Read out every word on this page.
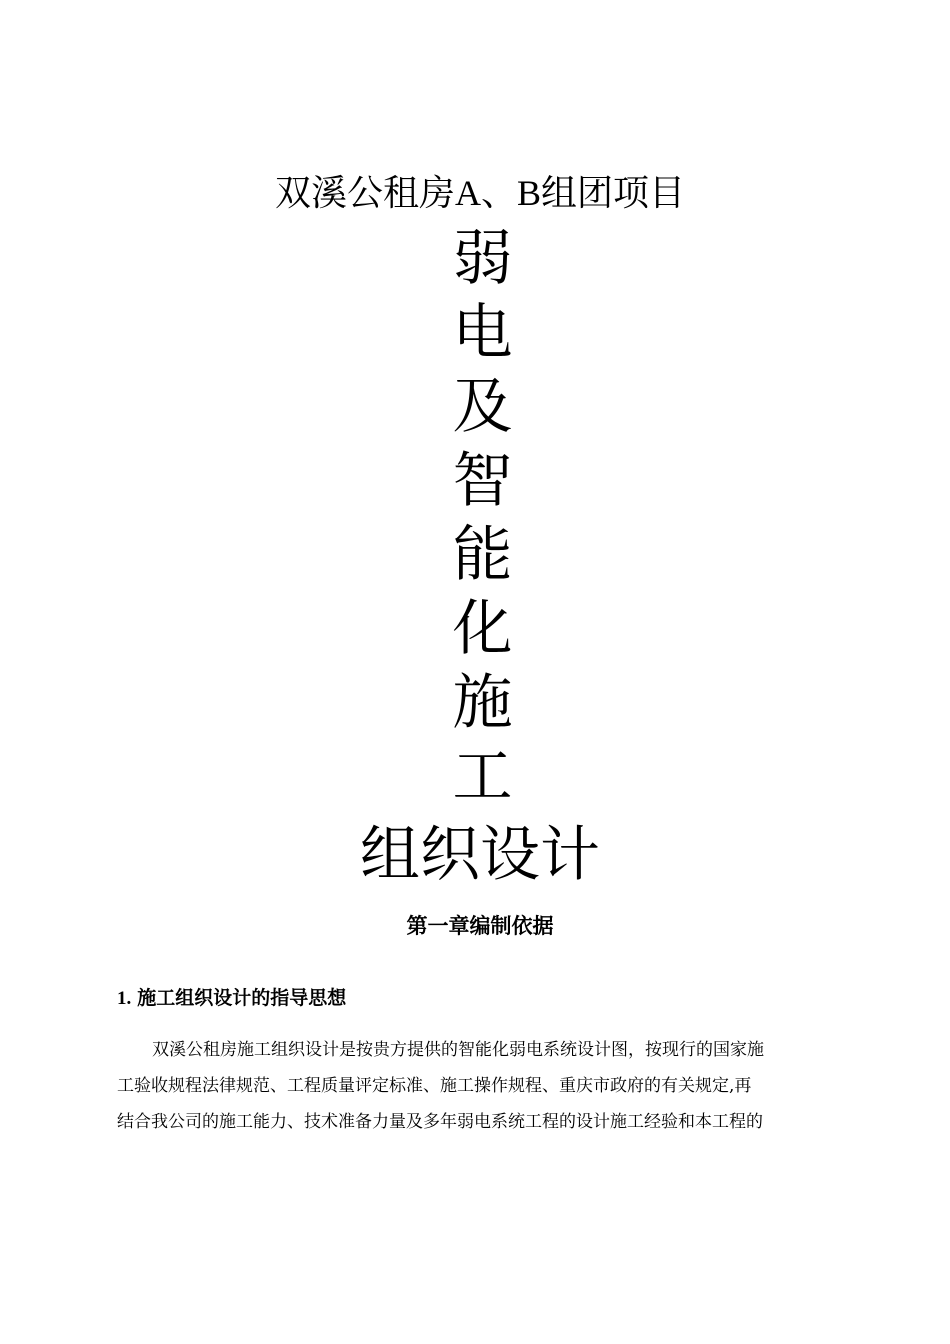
双溪公租房A、B组团项目
弱
电
及
智
能
化
施
工
组织设计
第一章编制依据
1. 施工组织设计的指导思想
双溪公租房施工组织设计是按贵方提供的智能化弱电系统设计图，按现行的国家施
工验收规程法律规范、工程质量评定标准、施工操作规程、重庆市政府的有关规定,再
结合我公司的施工能力、技术准备力量及多年弱电系统工程的设计施工经验和本工程的
